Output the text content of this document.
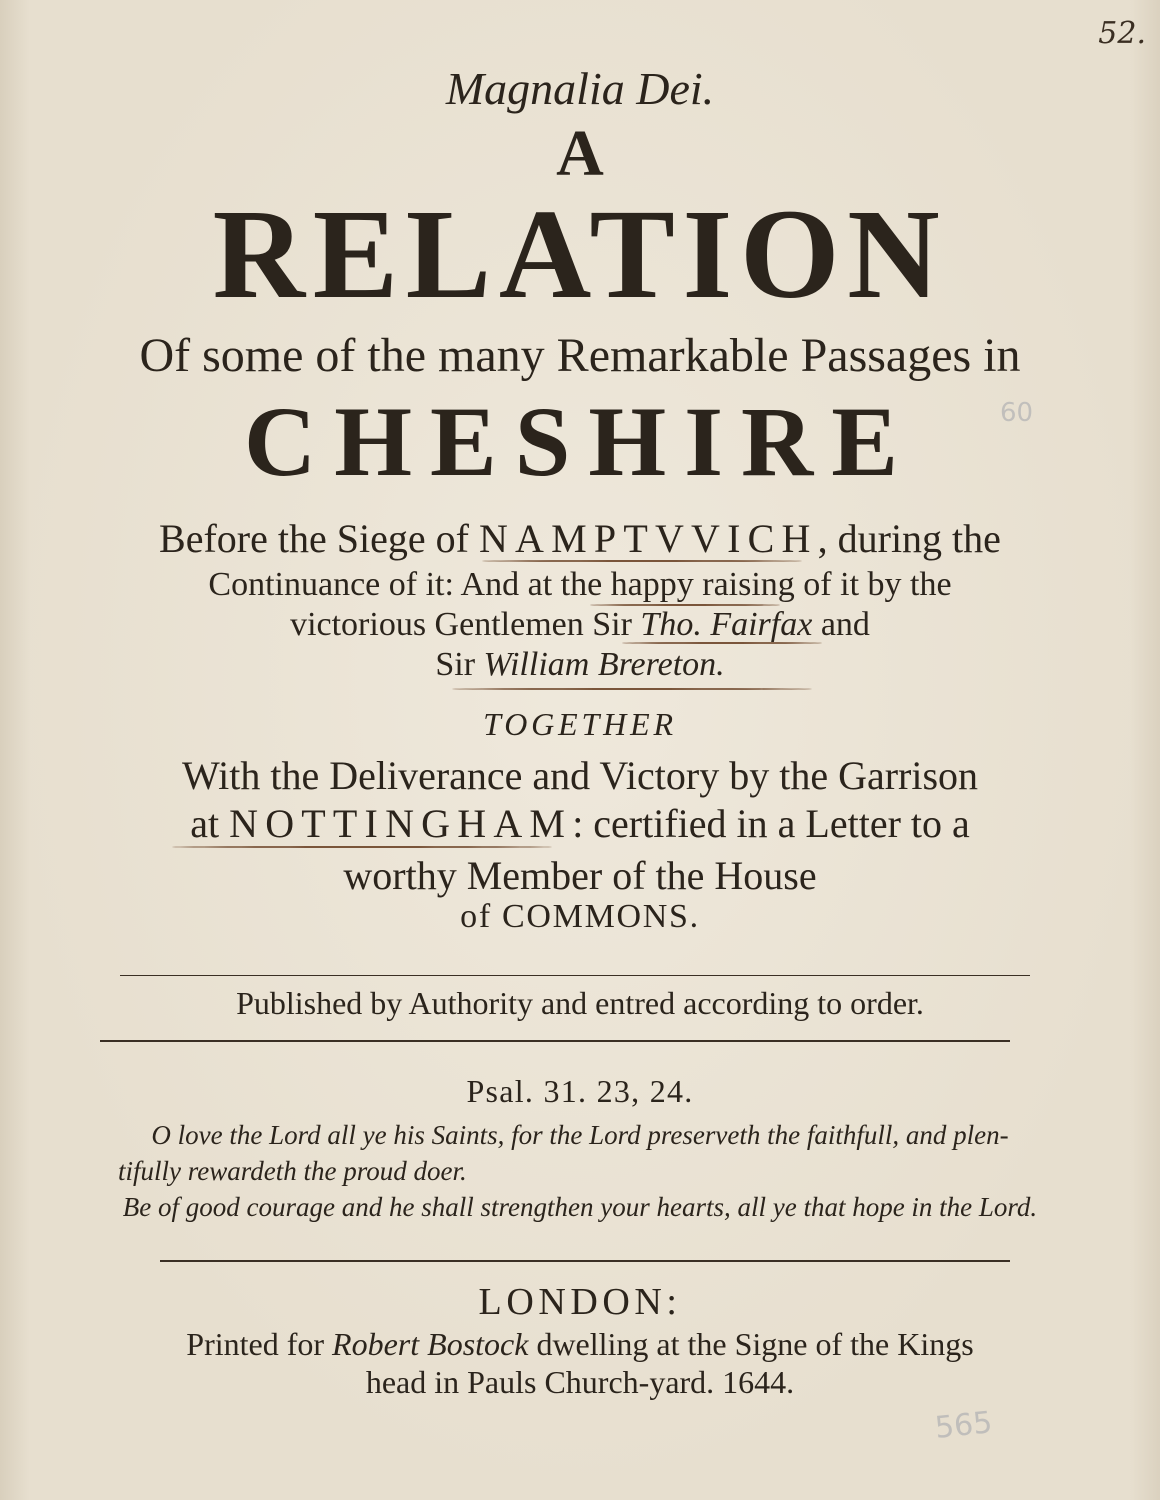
52.
60
565
Magnalia Dei.
A
RELATION
Of some of the many Remarkable Passages in
CHESHIRE
Before the Siege of NAMPTVVICH, during the
Continuance of it: And at the happy raising of it by the
victorious Gentlemen Sir Tho. Fairfax and
Sir William Brereton.
TOGETHER
With the Deliverance and Victory by the Garrison
at NOTTINGHAM: certified in a Letter to a
worthy Member of the House
of COMMONS.
Published by Authority and entred according to order.
Psal. 31. 23, 24.
O love the Lord all ye his Saints, for the Lord preserveth the faithfull, and plen-
tifully rewardeth the proud doer.
Be of good courage and he shall strengthen your hearts, all ye that hope in the Lord.
LONDON:
Printed for Robert Bostock dwelling at the Signe of the Kings
head in Pauls Church-yard. 1644.
